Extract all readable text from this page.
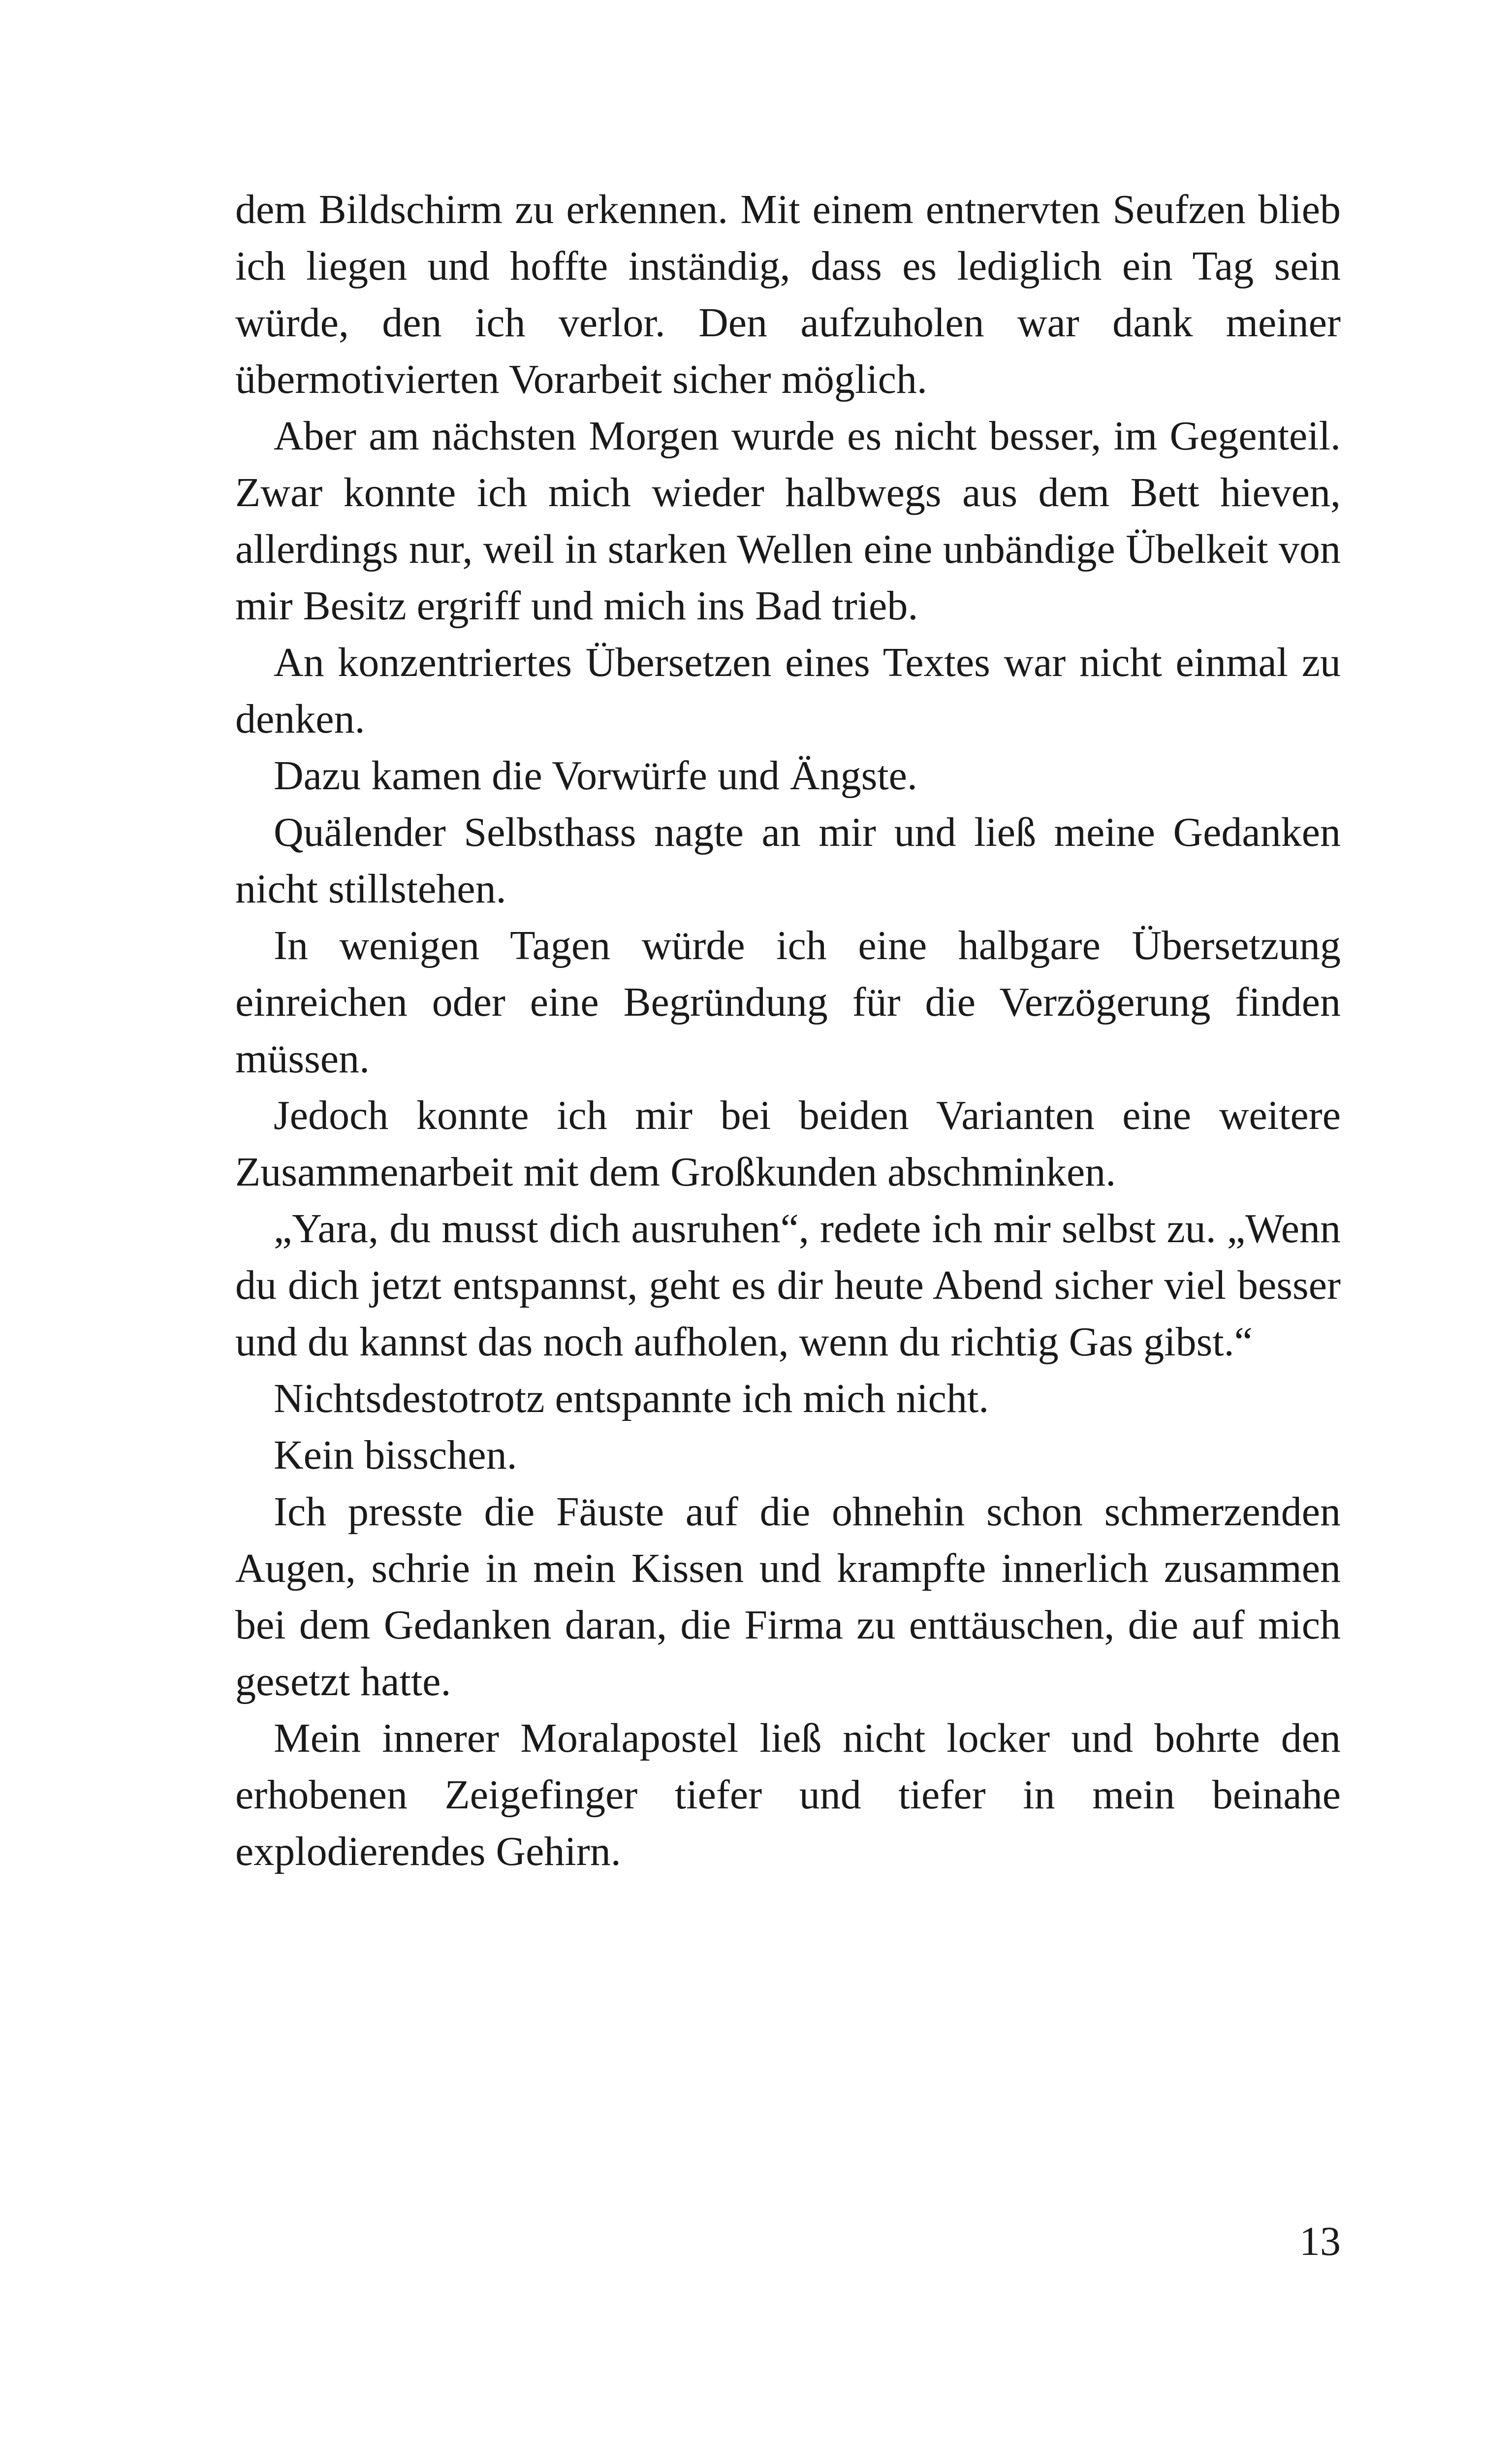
dem Bildschirm zu erkennen. Mit einem entnervten Seufzen blieb ich liegen und hoffte inständig, dass es lediglich ein Tag sein würde, den ich verlor. Den aufzuholen war dank meiner übermotivierten Vorarbeit sicher möglich.

Aber am nächsten Morgen wurde es nicht besser, im Gegenteil. Zwar konnte ich mich wieder halbwegs aus dem Bett hieven, allerdings nur, weil in starken Wellen eine unbändige Übelkeit von mir Besitz ergriff und mich ins Bad trieb.

An konzentriertes Übersetzen eines Textes war nicht einmal zu denken.

Dazu kamen die Vorwürfe und Ängste.

Quälender Selbsthass nagte an mir und ließ meine Gedanken nicht stillstehen.

In wenigen Tagen würde ich eine halbgare Übersetzung einreichen oder eine Begründung für die Verzögerung finden müssen.

Jedoch konnte ich mir bei beiden Varianten eine weitere Zusammenarbeit mit dem Großkunden abschminken.

„Yara, du musst dich ausruhen“, redete ich mir selbst zu. „Wenn du dich jetzt entspannst, geht es dir heute Abend sicher viel besser und du kannst das noch aufholen, wenn du richtig Gas gibst.“

Nichtsdestotrotz entspannte ich mich nicht.

Kein bisschen.

Ich presste die Fäuste auf die ohnehin schon schmerzenden Augen, schrie in mein Kissen und krampfte innerlich zusammen bei dem Gedanken daran, die Firma zu enttäuschen, die auf mich gesetzt hatte.

Mein innerer Moralapostel ließ nicht locker und bohrte den erhobenen Zeigefinger tiefer und tiefer in mein beinahe explodierendes Gehirn.

13
